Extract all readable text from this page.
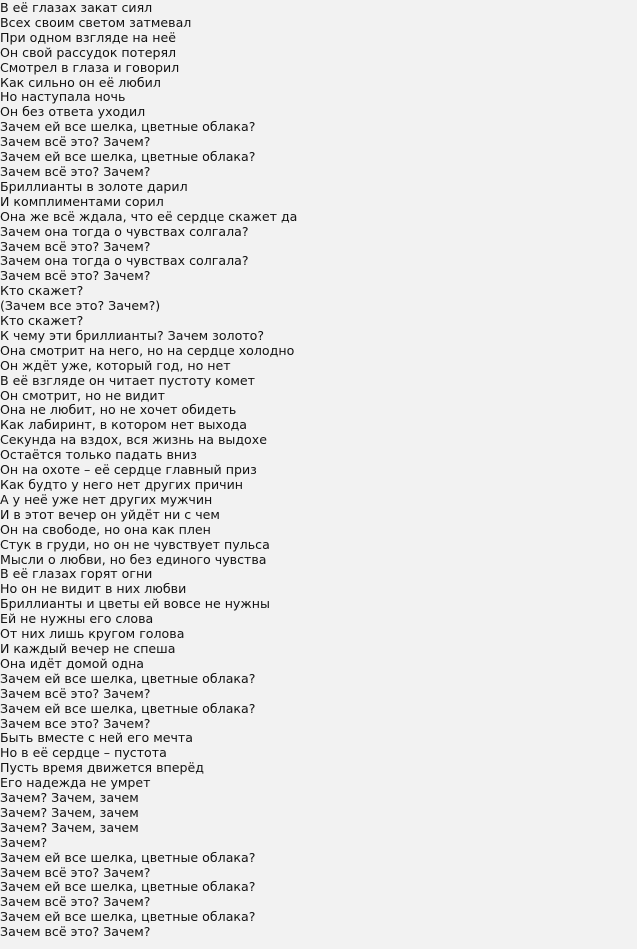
В её глазах закат сиял
Всех своим светом затмевал
При одном взгляде на неё
Он свой рассудок потерял
Смотрел в глаза и говорил
Как сильно он её любил
Но наступала ночь
Он без ответа уходил
Зачем ей все шелка, цветные облака?
Зачем всё это? Зачем?
Зачем ей все шелка, цветные облака?
Зачем всё это? Зачем?
Бриллианты в золоте дарил
И комплиментами сорил
Она же всё ждала, что её сердце скажет да
Зачем она тогда о чувствах солгала?
Зачем всё это? Зачем?
Зачем она тогда о чувствах солгала?
Зачем всё это? Зачем?
Кто скажет?
(Зачем все это? Зачем?)
Кто скажет?
К чему эти бриллианты? Зачем золото?
Она смотрит на него, но на сердце холодно
Он ждёт уже, который год, но нет
В её взгляде он читает пустоту комет
Он смотрит, но не видит
Она не любит, но не хочет обидеть
Как лабиринт, в котором нет выхода
Секунда на вздох, вся жизнь на выдохе
Остаётся только падать вниз
Он на охоте – её сердце главный приз
Как будто у него нет других причин
А у неё уже нет других мужчин
И в этот вечер он уйдёт ни с чем
Он на свободе, но она как плен
Стук в груди, но он не чувствует пульса
Мысли о любви, но без единого чувства
В её глазах горят огни
Но он не видит в них любви
Бриллианты и цветы ей вовсе не нужны
Ей не нужны его слова
От них лишь кругом голова
И каждый вечер не спеша
Она идёт домой одна
Зачем ей все шелка, цветные облака?
Зачем всё это? Зачем?
Зачем ей все шелка, цветные облака?
Зачем все это? Зачем?
Быть вместе с ней его мечта
Но в её сердце – пустота
Пусть время движется вперёд
Его надежда не умрет
Зачем? Зачем, зачем
Зачем? Зачем, зачем
Зачем? Зачем, зачем
Зачем?
Зачем ей все шелка, цветные облака?
Зачем всё это? Зачем?
Зачем ей все шелка, цветные облака?
Зачем всё это? Зачем?
Зачем ей все шелка, цветные облака?
Зачем всё это? Зачем?
